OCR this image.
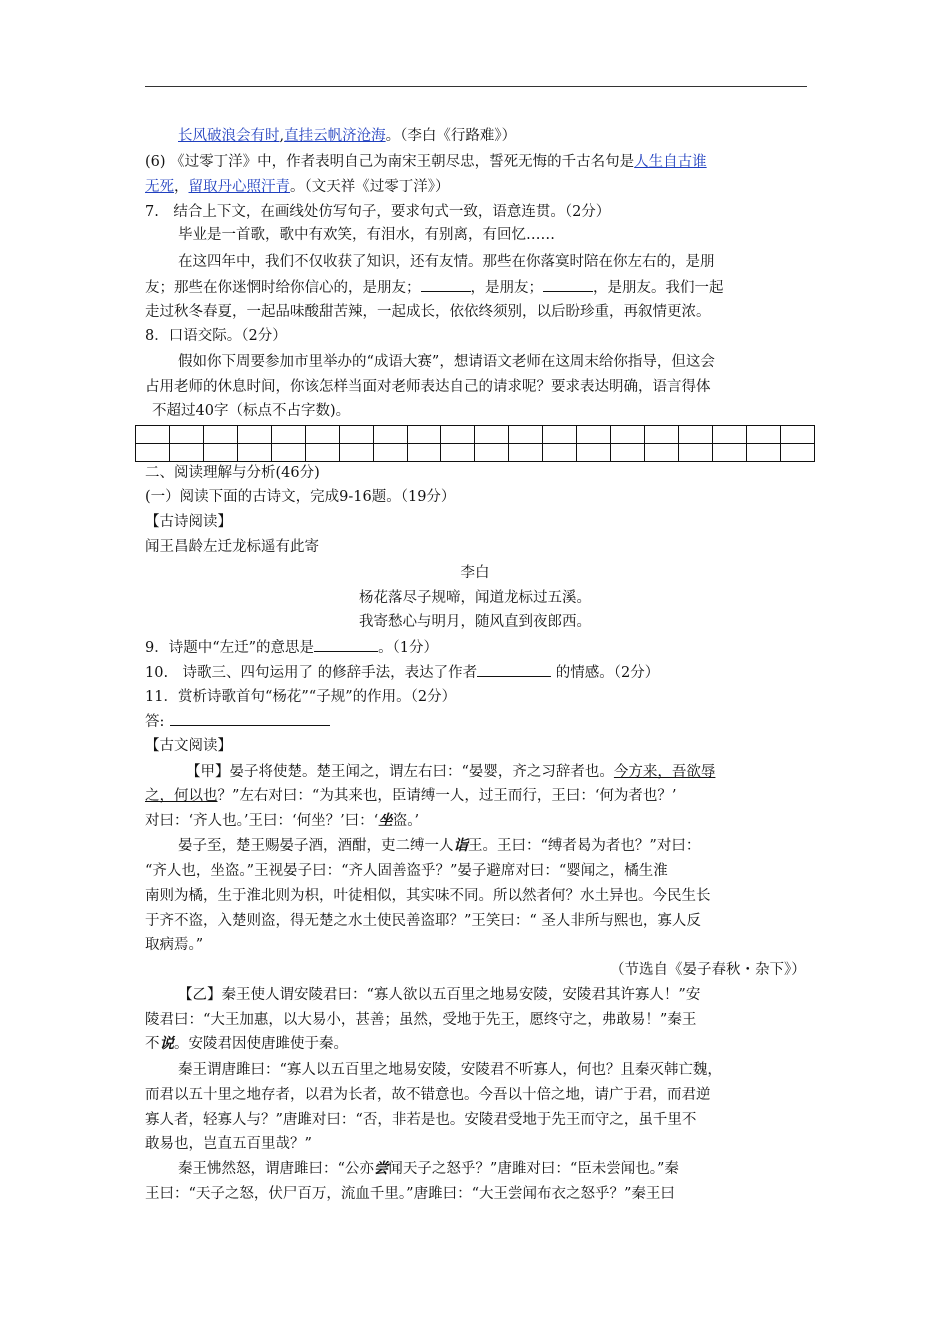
长风破浪会有时,直挂云帆济沧海。（李白《行路难》）
(6) 《过零丁洋》中，作者表明自己为南宋王朝尽忠，誓死无悔的千古名句是人生自古谁
无死，留取丹心照汗青。（文天祥《过零丁洋》）
7.　结合上下文，在画线处仿写句子，要求句式一致，语意连贯。（2分）
毕业是一首歌，歌中有欢笑，有泪水，有别离，有回忆……
在这四年中，我们不仅收获了知识，还有友情。那些在你落寞时陪在你左右的，是朋
友；那些在你迷惘时给你信心的，是朋友；	，是朋友；	，是朋友。我们一起
走过秋冬春夏，一起品味酸甜苦辣，一起成长，依依终须别，以后盼珍重，再叙情更浓。
8．口语交际。（2分）
假如你下周要参加市里举办的“成语大赛”，想请语文老师在这周末给你指导，但这会
占用老师的休息时间，你该怎样当面对老师表达自己的请求呢？要求表达明确，语言得体
不超过40字（标点不占字数)。

二、阅读理解与分析(46分)
(一）阅读下面的古诗文，完成9-16题。（19分）
【古诗阅读】
闻王昌龄左迁龙标遥有此寄
李白
杨花落尽子规啼，闻道龙标过五溪。
我寄愁心与明月，随风直到夜郎西。
9．诗题中“左迁”的意思是	。（1分）
10.　诗歌三、四句运用了 的修辞手法，表达了作者	的情感。（2分）
11．赏析诗歌首句“杨花”“子规”的作用。（2分）
答:
【古文阅读】
【甲】晏子将使楚。楚王闻之，谓左右曰：“晏婴，齐之习辞者也。今方来，吾欲辱
之，何以也？”左右对曰：“为其来也，臣请缚一人，过王而行，王曰：‘何为者也？’
对曰：‘齐人也。’王曰：‘何坐？’曰：‘坐盗。’
晏子至，楚王赐晏子酒，酒酣，吏二缚一人诣王。王曰：“缚者曷为者也？”对曰：
“齐人也，坐盗。”王视晏子曰：“齐人固善盗乎？”晏子避席对曰：“婴闻之，橘生淮
南则为橘，生于淮北则为枳，叶徒相似，其实味不同。所以然者何？水土异也。今民生长
于齐不盗，入楚则盗，得无楚之水土使民善盗耶？”王笑曰：“ 圣人非所与熙也，寡人反
取病焉。”
（节选自《晏子春秋・杂下》）
【乙】秦王使人谓安陵君曰：“寡人欲以五百里之地易安陵，安陵君其许寡人！”安
陵君曰：“大王加惠，以大易小，甚善；虽然，受地于先王，愿终守之，弗敢易！”秦王
不说。安陵君因使唐雎使于秦。
秦王谓唐雎曰：“寡人以五百里之地易安陵，安陵君不听寡人，何也？且秦灭韩亡魏，
而君以五十里之地存者，以君为长者，故不错意也。今吾以十倍之地，请广于君，而君逆
寡人者，轻寡人与？”唐雎对曰：“否，非若是也。安陵君受地于先王而守之，虽千里不
敢易也，岂直五百里哉？”
秦王怫然怒，谓唐雎曰：“公亦尝闻天子之怒乎？”唐雎对曰：“臣未尝闻也。”秦
王曰：“天子之怒，伏尸百万，流血千里。”唐雎曰：“大王尝闻布衣之怒乎？”秦王曰
